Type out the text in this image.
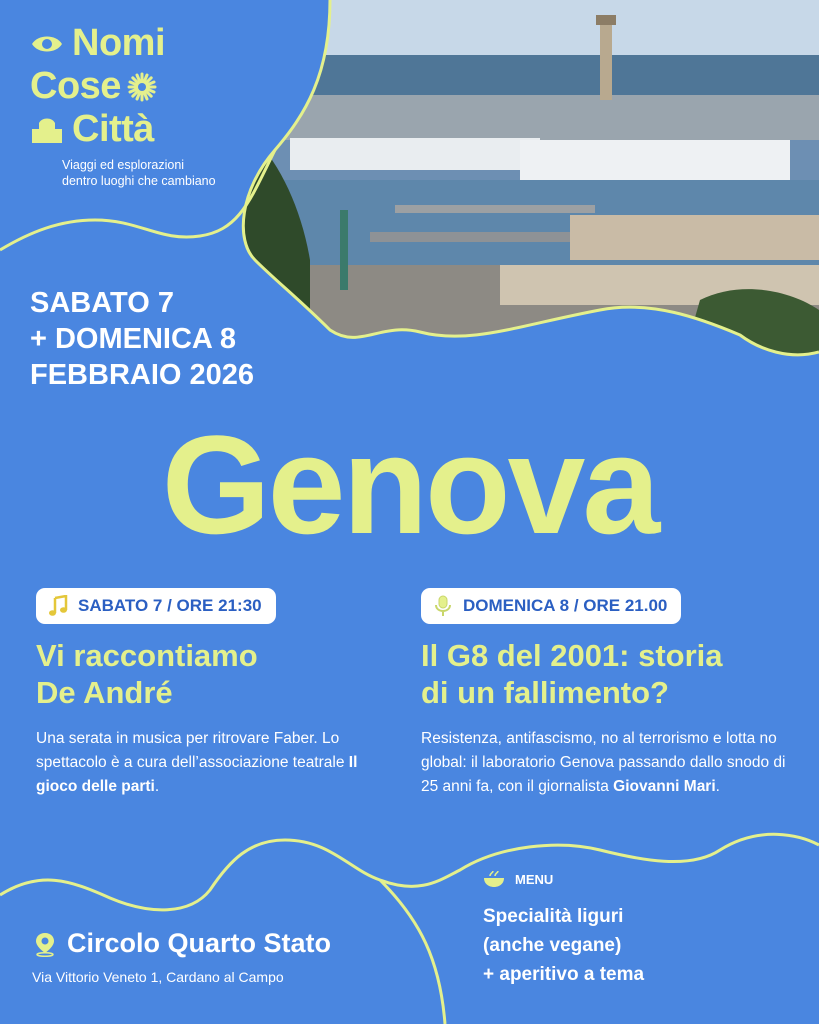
Nomi
Cose
Città
Viaggi ed esplorazioni
dentro luoghi che cambiano
SABATO 7
+ DOMENICA 8
FEBBRAIO 2026
Genova
SABATO 7 / ORE 21:30
Vi raccontiamo
De André
Una serata in musica per ritrovare Faber. Lo spettacolo è a cura dell’associazione teatrale Il gioco delle parti.
DOMENICA 8 / ORE 21.00
Il G8 del 2001: storia
di un fallimento?
Resistenza, antifascismo, no al terrorismo e lotta no global: il laboratorio Genova passando dallo snodo di 25 anni fa, con il giornalista Giovanni Mari.
Circolo Quarto Stato
Via Vittorio Veneto 1, Cardano al Campo
MENU
Specialità liguri
(anche vegane)
+ aperitivo a tema
